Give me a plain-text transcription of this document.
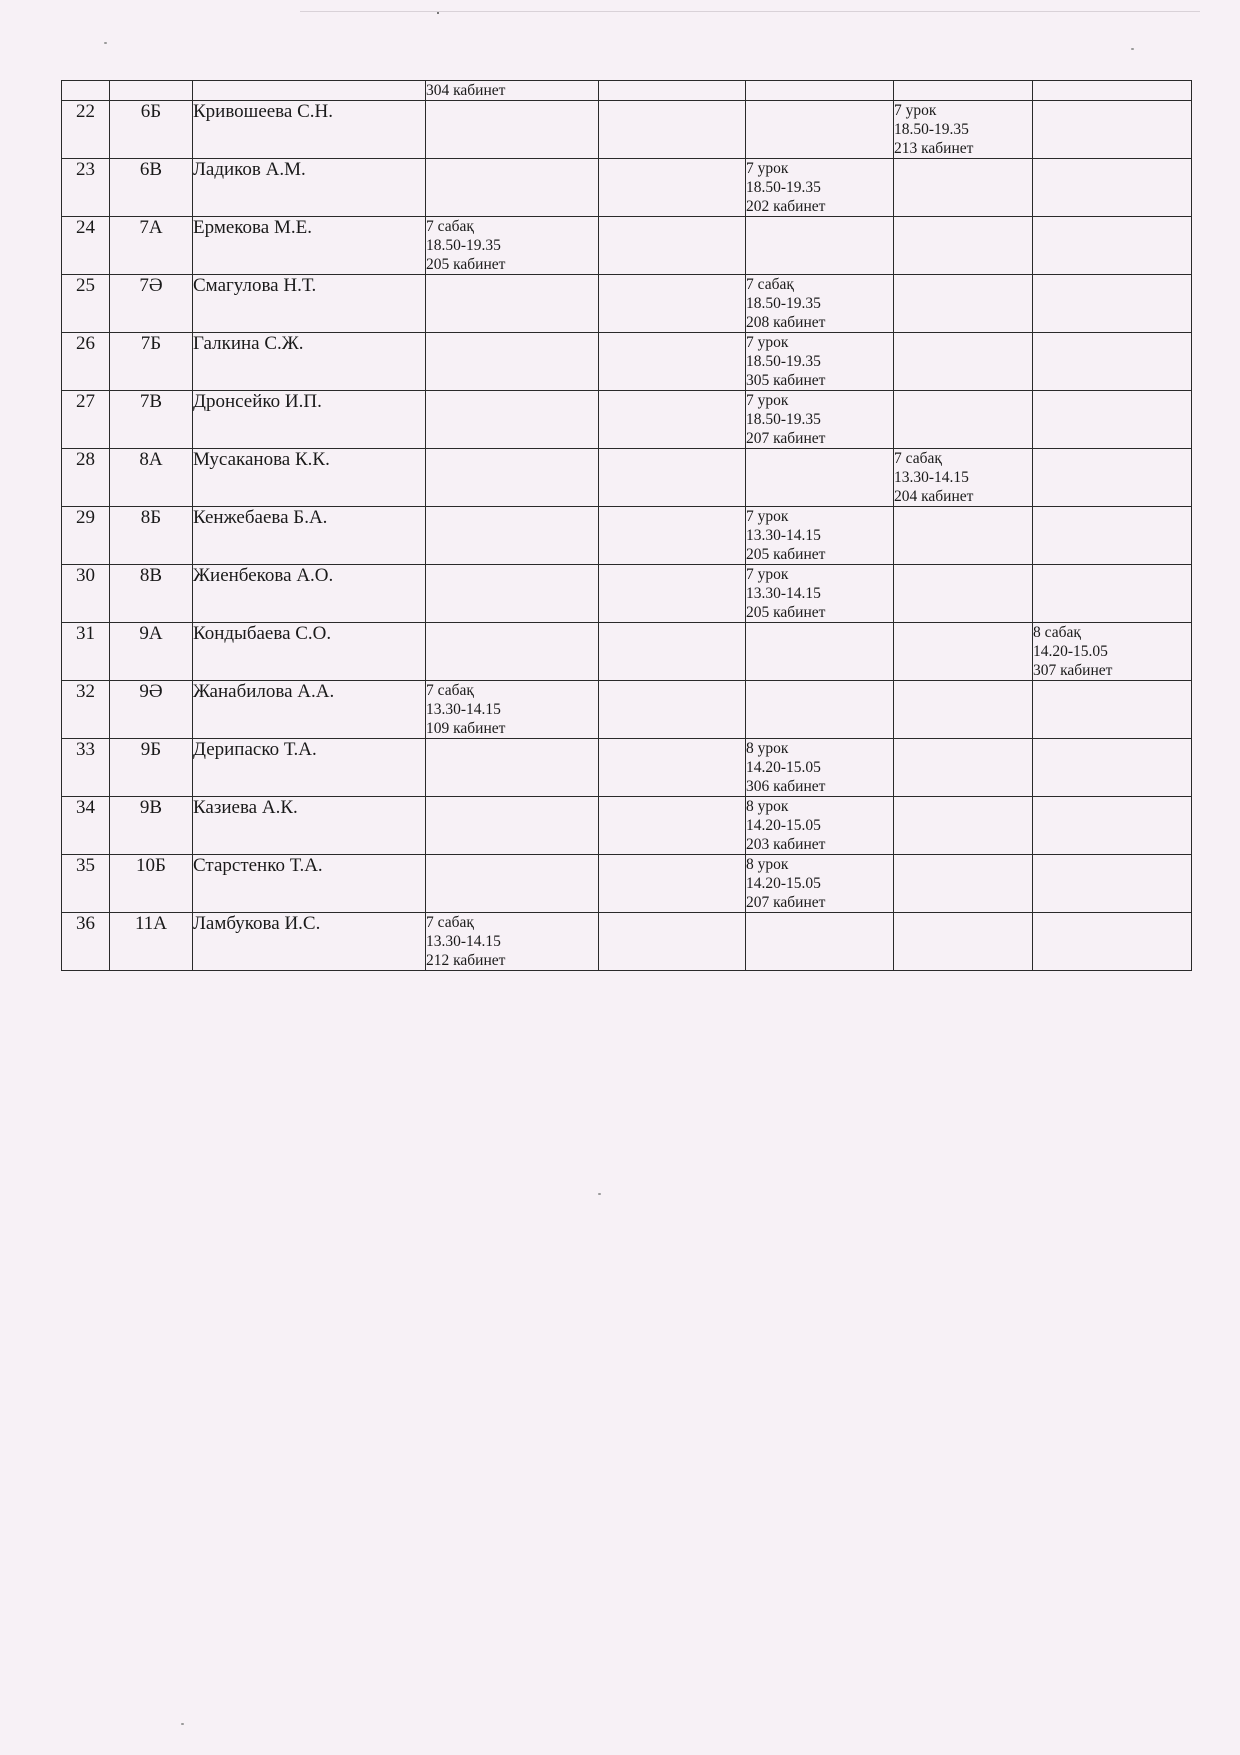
			304 кабинет				

22	6Б	Кривошеева С.Н.				7 урок
18.50-19.35
213 кабинет	

23	6В	Ладиков А.М.			7 урок
18.50-19.35
202 кабинет		

24	7А	Ермекова М.Е.	7 сабақ
18.50-19.35
205 кабинет				

25	7Ә	Смагулова Н.Т.			7 сабақ
18.50-19.35
208 кабинет		

26	7Б	Галкина С.Ж.			7 урок
18.50-19.35
305 кабинет		

27	7В	Дронсейко И.П.			7 урок
18.50-19.35
207 кабинет		

28	8А	Мусаканова К.К.				7 сабақ
13.30-14.15
204 кабинет	

29	8Б	Кенжебаева Б.А.			7 урок
13.30-14.15
205 кабинет		

30	8В	Жиенбекова А.О.			7 урок
13.30-14.15
205 кабинет		

31	9А	Кондыбаева С.О.					8 сабақ
14.20-15.05
307 кабинет

32	9Ә	Жанабилова А.А.	7 сабақ
13.30-14.15
109 кабинет				

33	9Б	Дерипаско Т.А.			8 урок
14.20-15.05
306 кабинет		

34	9В	Казиева А.К.			8 урок
14.20-15.05
203 кабинет		

35	10Б	Старстенко Т.А.			8 урок
14.20-15.05
207 кабинет		

36	11А	Ламбукова И.С.	7 сабақ
13.30-14.15
212 кабинет				
